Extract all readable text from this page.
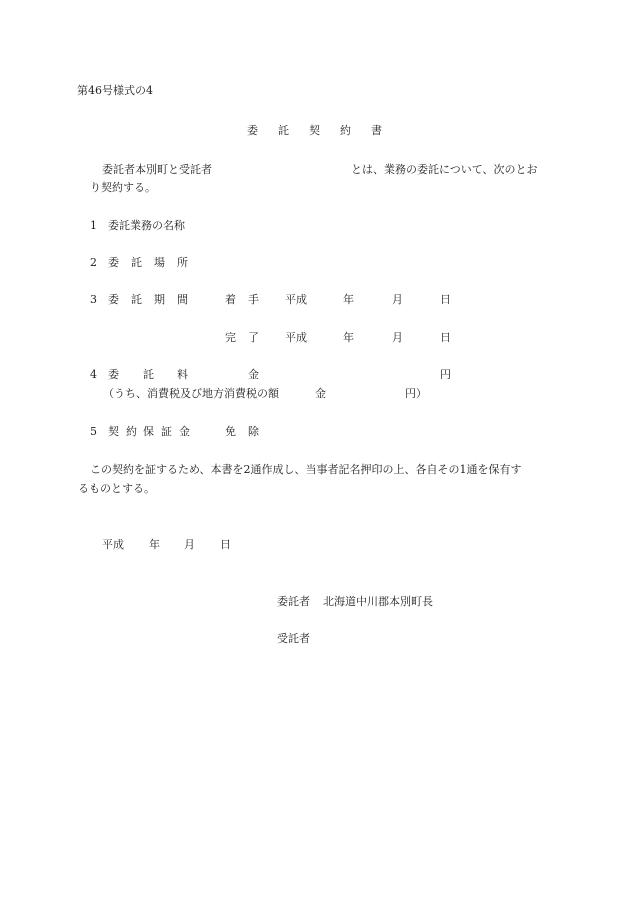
第46号様式の4
委 託 契 約 書
委託者本別町と受託者	とは、業務の委託について、次のとお
り契約する。
1 委託業務の名称
2 委 託 場 所
3 委 託 期 間	着 手 平成	年	月	日
完 了 平成	年	月	日
4 委 託 料	金	円
（うち、消費税及び地方消費税の額	金	円）
5 契 約 保 証 金	免 除
この契約を証するため、本書を2通作成し、当事者記名押印の上、各自その1通を保有す
るものとする。
平成 年 月 日
委託者 北海道中川郡本別町長
受託者
